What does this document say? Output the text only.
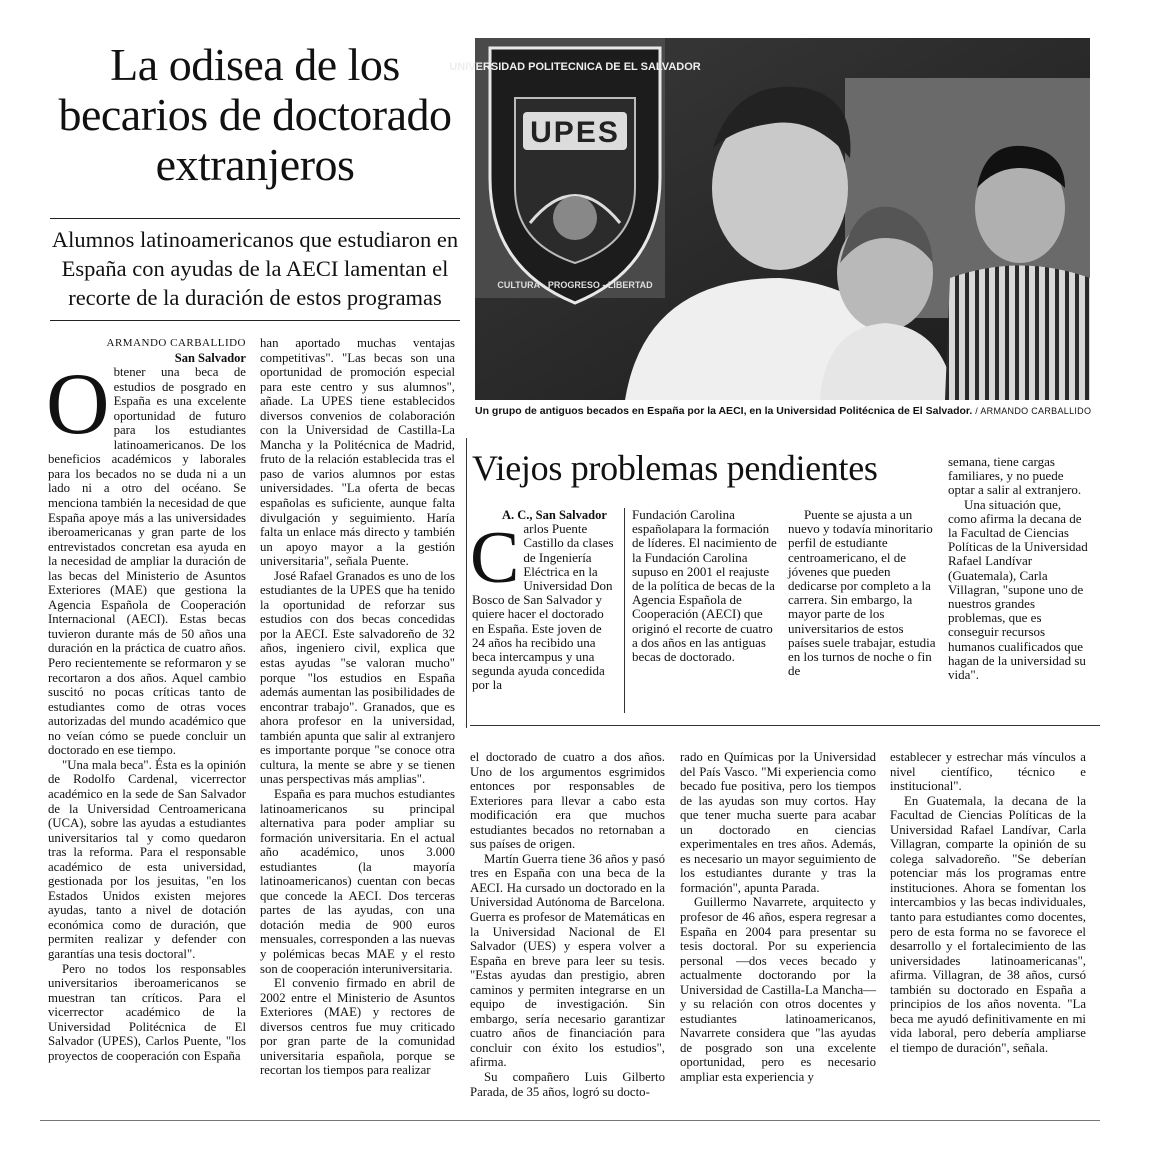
La odisea de los becarios de doctorado extranjeros
Alumnos latinoamericanos que estudiaron en España con ayudas de la AECI lamentan el recorte de la duración de estos programas
UNIVERSIDAD POLITECNICA DE EL SALVADOR
UPES
CULTURA - PROGRESO - LIBERTAD
Un grupo de antiguos becados en España por la AECI, en la Universidad Politécnica de El Salvador. / ARMANDO CARBALLIDO
ARMANDO CARBALLIDO
San Salvador

Obtener una beca de estudios de posgrado en España es una excelente oportunidad de futuro para los estudiantes latinoamericanos. De los beneficios académicos y laborales para los becados no se duda ni a un lado ni a otro del océano. Se menciona también la necesidad de que España apoye más a las universidades iberoamericanas y gran parte de los entrevistados concretan esa ayuda en la necesidad de ampliar la duración de las becas del Ministerio de Asuntos Exteriores (MAE) que gestiona la Agencia Española de Cooperación Internacional (AECI). Estas becas tuvieron durante más de 50 años una duración en la práctica de cuatro años. Pero recientemente se reformaron y se recortaron a dos años. Aquel cambio suscitó no pocas críticas tanto de estudiantes como de otras voces autorizadas del mundo académico que no veían cómo se puede concluir un doctorado en ese tiempo.

"Una mala beca". Ésta es la opinión de Rodolfo Cardenal, vicerrector académico en la sede de San Salvador de la Universidad Centroamericana (UCA), sobre las ayudas a estudiantes universitarios tal y como quedaron tras la reforma. Para el responsable académico de esta universidad, gestionada por los jesuitas, "en los Estados Unidos existen mejores ayudas, tanto a nivel de dotación económica como de duración, que permiten realizar y defender con garantías una tesis doctoral".

Pero no todos los responsables universitarios iberoamericanos se muestran tan críticos. Para el vicerrector académico de la Universidad Politécnica de El Salvador (UPES), Carlos Puente, "los proyectos de cooperación con España

han aportado muchas ventajas competitivas". "Las becas son una oportunidad de promoción especial para este centro y sus alumnos", añade. La UPES tiene establecidos diversos convenios de colaboración con la Universidad de Castilla-La Mancha y la Politécnica de Madrid, fruto de la relación establecida tras el paso de varios alumnos por estas universidades. "La oferta de becas españolas es suficiente, aunque falta divulgación y seguimiento. Haría falta un enlace más directo y también un apoyo mayor a la gestión universitaria", señala Puente.

José Rafael Granados es uno de los estudiantes de la UPES que ha tenido la oportunidad de reforzar sus estudios con dos becas concedidas por la AECI. Este salvadoreño de 32 años, ingeniero civil, explica que estas ayudas "se valoran mucho" porque "los estudios en España además aumentan las posibilidades de encontrar trabajo". Granados, que es ahora profesor en la universidad, también apunta que salir al extranjero es importante porque "se conoce otra cultura, la mente se abre y se tienen unas perspectivas más amplias".

España es para muchos estudiantes latinoamericanos su principal alternativa para poder ampliar su formación universitaria. En el actual año académico, unos 3.000 estudiantes (la mayoría latinoamericanos) cuentan con becas que concede la AECI. Dos terceras partes de las ayudas, con una dotación media de 900 euros mensuales, corresponden a las nuevas y polémicas becas MAE y el resto son de cooperación interuniversitaria.

El convenio firmado en abril de 2002 entre el Ministerio de Asuntos Exteriores (MAE) y rectores de diversos centros fue muy criticado por gran parte de la comunidad universitaria española, porque se recortan los tiempos para realizar

Viejos problemas pendientes
A. C., San Salvador
C arlos Puente Castillo da clases de Ingeniería Eléctrica en la Universidad Don Bosco de San Salvador y quiere hacer el doctorado en España. Este joven de 24 años ha recibido una beca intercampus y una segunda ayuda concedida por la
Fundación Carolina españolapara la formación de líderes. El nacimiento de la Fundación Carolina supuso en 2001 el reajuste de la política de becas de la Agencia Española de Cooperación (AECI) que originó el recorte de cuatro a dos años en las antiguas becas de doctorado.
Puente se ajusta a un nuevo y todavía minoritario perfil de estudiante centroamericano, el de jóvenes que pueden dedicarse por completo a la carrera. Sin embargo, la mayor parte de los universitarios de estos países suele trabajar, estudia en los turnos de noche o fin de
semana, tiene cargas familiares, y no puede optar a salir al extranjero.
Una situación que, como afirma la decana de la Facultad de Ciencias Políticas de la Universidad Rafael Landívar (Guatemala), Carla Villagran, "supone uno de nuestros grandes problemas, que es conseguir recursos humanos cualificados que hagan de la universidad su vida".

el doctorado de cuatro a dos años. Uno de los argumentos esgrimidos entonces por responsables de Exteriores para llevar a cabo esta modificación era que muchos estudiantes becados no retornaban a sus países de origen.

Martín Guerra tiene 36 años y pasó tres en España con una beca de la AECI. Ha cursado un doctorado en la Universidad Autónoma de Barcelona. Guerra es profesor de Matemáticas en la Universidad Nacional de El Salvador (UES) y espera volver a España en breve para leer su tesis. "Estas ayudas dan prestigio, abren caminos y permiten integrarse en un equipo de investigación. Sin embargo, sería necesario garantizar cuatro años de financiación para concluir con éxito los estudios", afirma.

Su compañero Luis Gilberto Parada, de 35 años, logró su docto-

rado en Químicas por la Universidad del País Vasco. "Mi experiencia como becado fue positiva, pero los tiempos de las ayudas son muy cortos. Hay que tener mucha suerte para acabar un doctorado en ciencias experimentales en tres años. Además, es necesario un mayor seguimiento de los estudiantes durante y tras la formación", apunta Parada.

Guillermo Navarrete, arquitecto y profesor de 46 años, espera regresar a España en 2004 para presentar su tesis doctoral. Por su experiencia personal —dos veces becado y actualmente doctorando por la Universidad de Castilla-La Mancha— y su relación con otros docentes y estudiantes latinoamericanos, Navarrete considera que "las ayudas de posgrado son una excelente oportunidad, pero es necesario ampliar esta experiencia y

establecer y estrechar más vínculos a nivel científico, técnico e institucional".

En Guatemala, la decana de la Facultad de Ciencias Políticas de la Universidad Rafael Landívar, Carla Villagran, comparte la opinión de su colega salvadoreño. "Se deberían potenciar más los programas entre instituciones. Ahora se fomentan los intercambios y las becas individuales, tanto para estudiantes como docentes, pero de esta forma no se favorece el desarrollo y el fortalecimiento de las universidades latinoamericanas", afirma. Villagran, de 38 años, cursó también su doctorado en España a principios de los años noventa. "La beca me ayudó definitivamente en mi vida laboral, pero debería ampliarse el tiempo de duración", señala.
